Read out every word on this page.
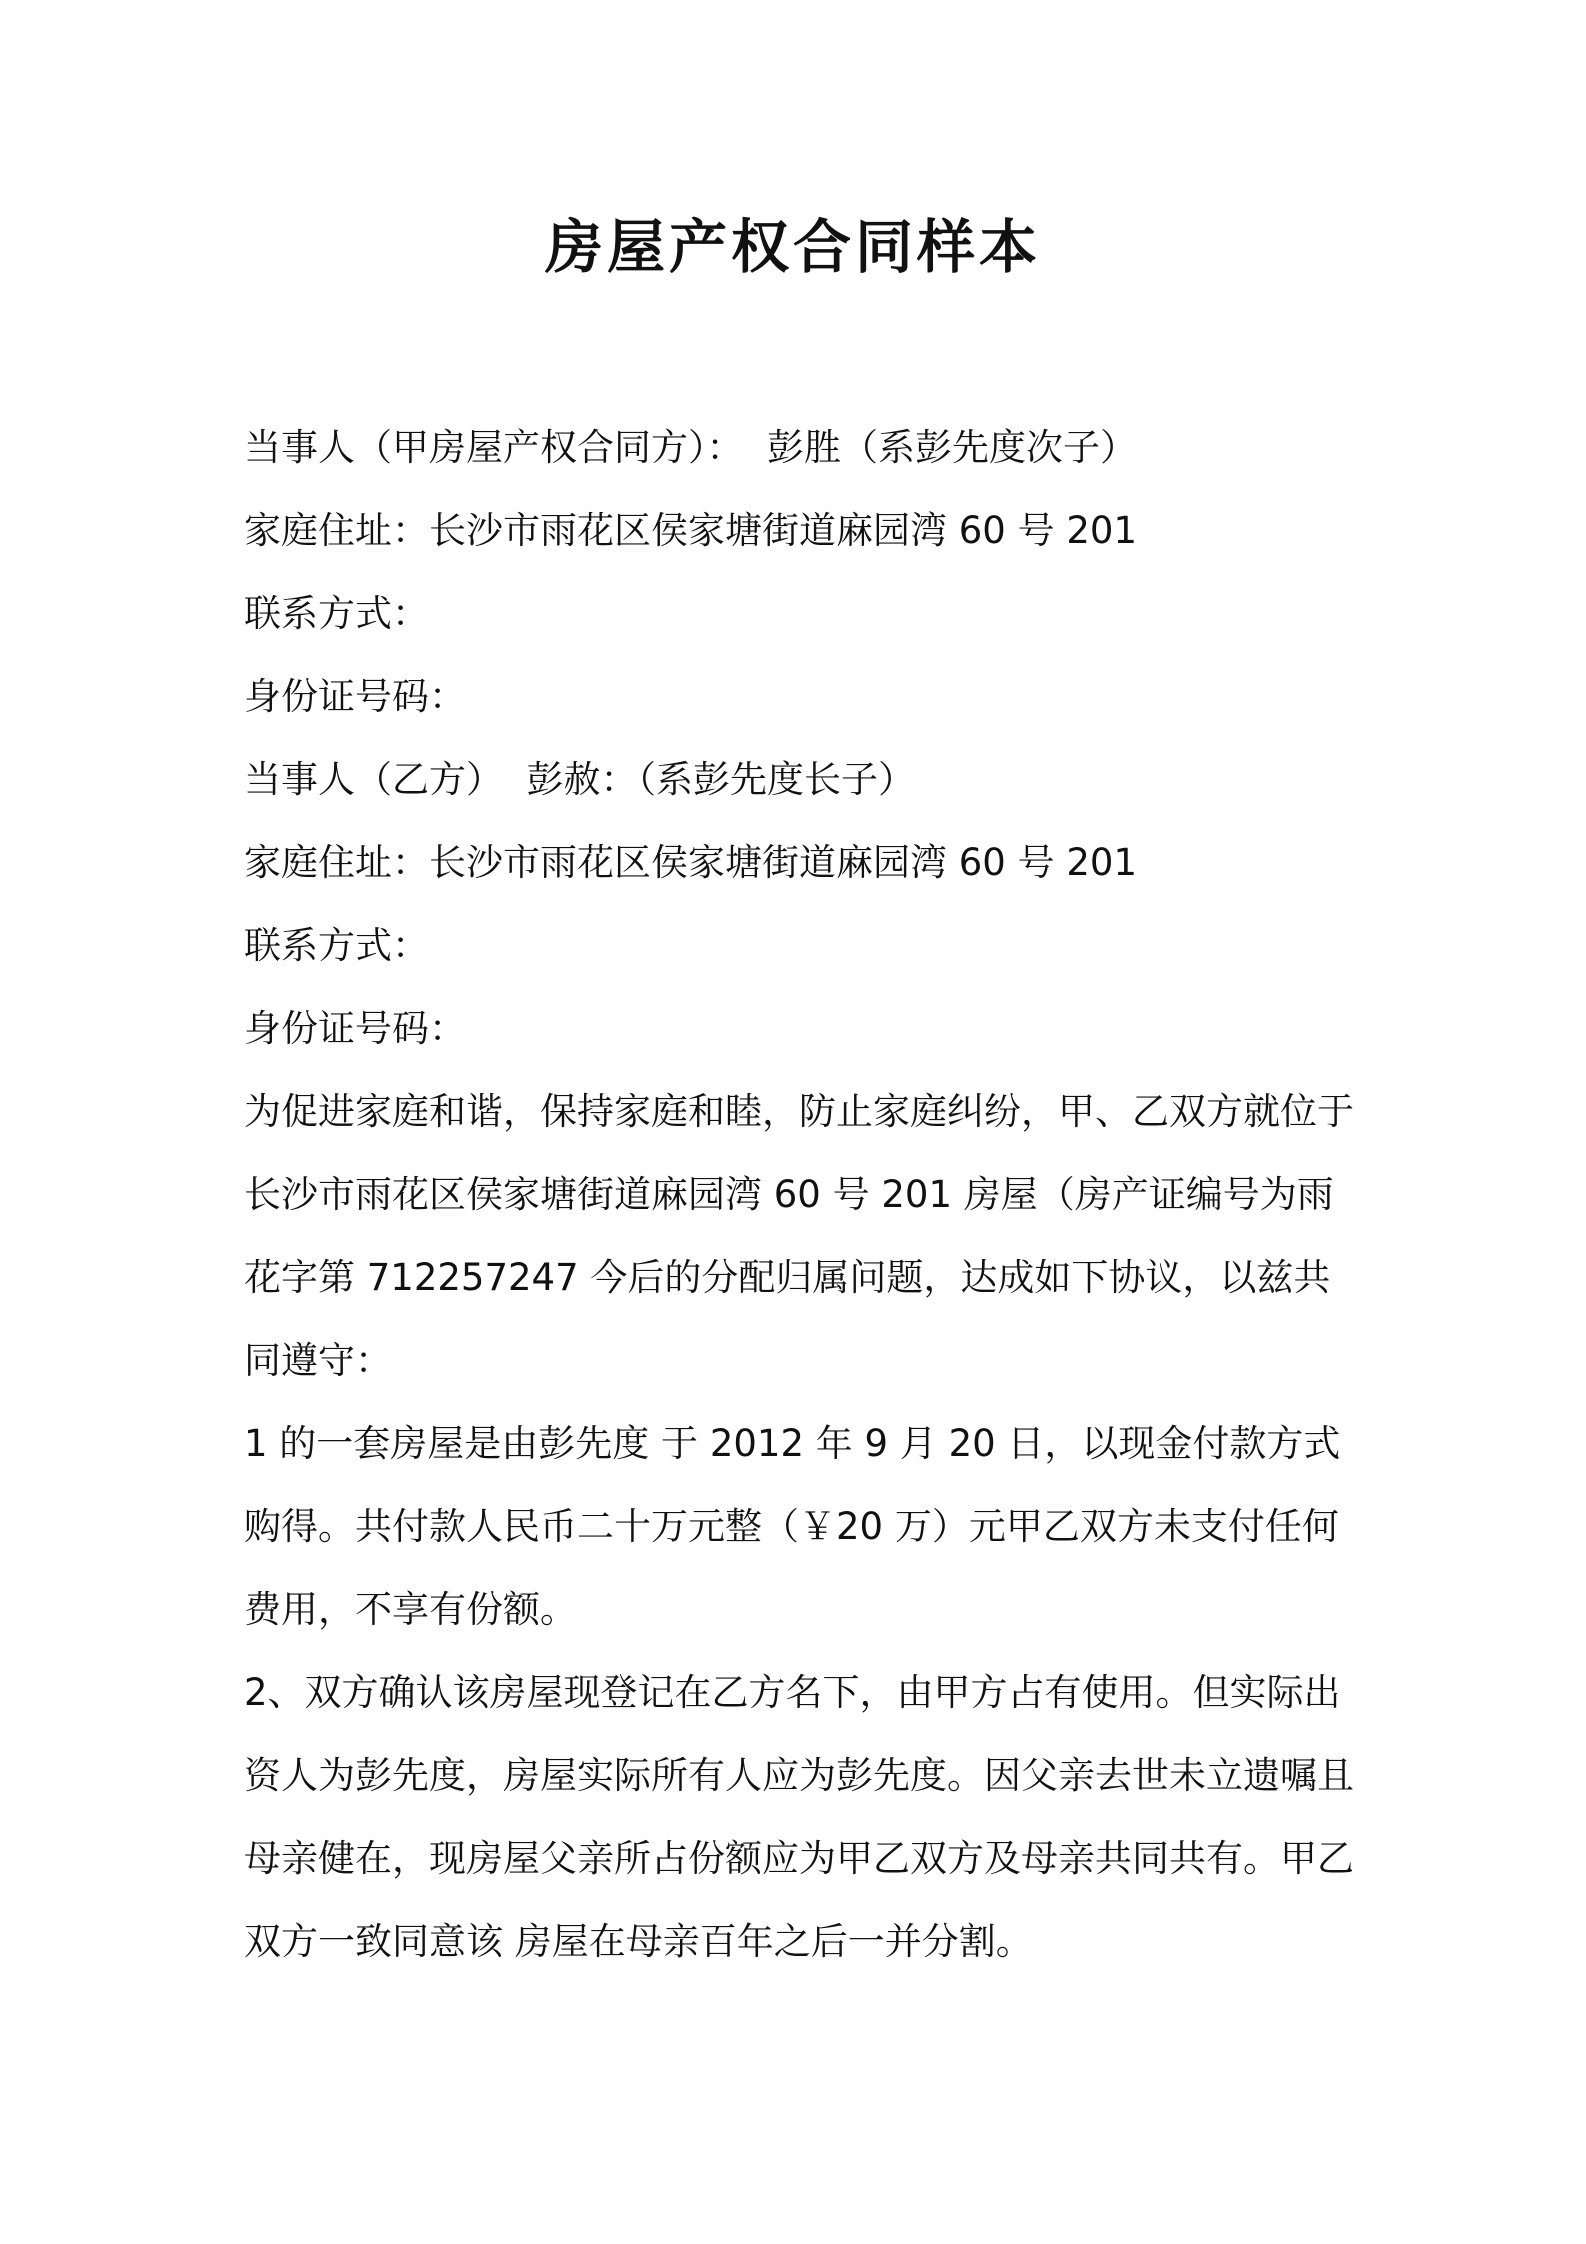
房屋产权合同样本
当事人（甲房屋产权合同方）：  彭胜（系彭先度次子）
家庭住址：长沙市雨花区侯家塘街道麻园湾 60 号 201
联系方式：
身份证号码：
当事人（乙方）  彭赦：（系彭先度长子）
家庭住址：长沙市雨花区侯家塘街道麻园湾 60 号 201
联系方式：
身份证号码：
为促进家庭和谐，保持家庭和睦，防止家庭纠纷，甲、乙双方就位于长沙市雨花区侯家塘街道麻园湾 60 号 201 房屋（房产证编号为雨花字第 712257247 今后的分配归属问题，达成如下协议，以兹共同遵守：
1 的一套房屋是由彭先度 于 2012 年 9 月 20 日，以现金付款方式购得。共付款人民币二十万元整（￥20 万）元甲乙双方未支付任何费用，不享有份额。
2、双方确认该房屋现登记在乙方名下，由甲方占有使用。但实际出资人为彭先度，房屋实际所有人应为彭先度。因父亲去世未立遗嘱且母亲健在，现房屋父亲所占份额应为甲乙双方及母亲共同共有。甲乙双方一致同意该 房屋在母亲百年之后一并分割。
